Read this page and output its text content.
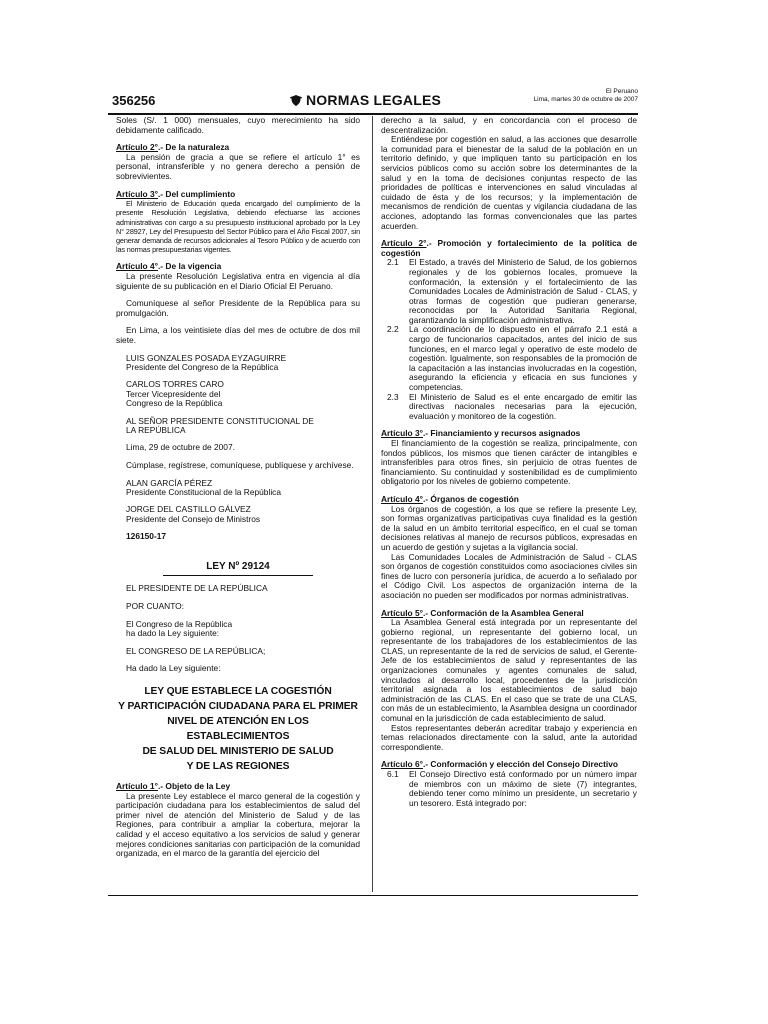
356256	NORMAS LEGALES
El Peruano
Lima, martes 30 de octubre de 2007

Soles (S/. 1 000) mensuales, cuyo merecimiento ha sido debidamente calificado.

Artículo 2°.- De la naturaleza

La pensión de gracia a que se refiere el artículo 1° es personal, intransferible y no genera derecho a pensión de sobrevivientes.

Artículo 3°.- Del cumplimiento

El Ministerio de Educación queda encargado del cumplimiento de la presente Resolución Legislativa, debiendo efectuarse las acciones administrativas con cargo a su presupuesto institucional aprobado por la Ley N° 28927, Ley del Presupuesto del Sector Público para el Año Fiscal 2007, sin generar demanda de recursos adicionales al Tesoro Público y de acuerdo con las normas presupuestarias vigentes.

Artículo 4°.- De la vigencia

La presente Resolución Legislativa entra en vigencia al día siguiente de su publicación en el Diario Oficial El Peruano.

Comuníquese al señor Presidente de la República para su promulgación.

En Lima, a los veintisiete días del mes de octubre de dos mil siete.

LUIS GONZALES POSADA EYZAGUIRRE
Presidente del Congreso de la República
CARLOS TORRES CARO
Tercer Vicepresidente del
Congreso de la República
AL SEÑOR PRESIDENTE CONSTITUCIONAL DE
LA REPÚBLICA

Lima, 29 de octubre de 2007.

Cúmplase, regístrese, comuníquese, publíquese y archívese.

ALAN GARCÍA PÉREZ
Presidente Constitucional de la República
JORGE DEL CASTILLO GÁLVEZ
Presidente del Consejo de Ministros

126150-17

LEY Nº 29124

EL PRESIDENTE DE LA REPÚBLICA

POR CUANTO:

El Congreso de la República
ha dado la Ley siguiente:

EL CONGRESO DE LA REPÚBLICA;

Ha dado la Ley siguiente:

LEY QUE ESTABLECE LA COGESTIÓN
Y PARTICIPACIÓN CIUDADANA PARA EL PRIMER
NIVEL DE ATENCIÓN EN LOS ESTABLECIMIENTOS
DE SALUD DEL MINISTERIO DE SALUD
Y DE LAS REGIONES

Artículo 1°.- Objeto de la Ley

La presente Ley establece el marco general de la cogestión y participación ciudadana para los establecimientos de salud del primer nivel de atención del Ministerio de Salud y de las Regiones, para contribuir a ampliar la cobertura, mejorar la calidad y el acceso equitativo a los servicios de salud y generar mejores condiciones sanitarias con participación de la comunidad organizada, en el marco de la garantía del ejercicio del

derecho a la salud, y en concordancia con el proceso de descentralización.

Entiéndese por cogestión en salud, a las acciones que desarrolle la comunidad para el bienestar de la salud de la población en un territorio definido, y que impliquen tanto su participación en los servicios públicos como su acción sobre los determinantes de la salud y en la toma de decisiones conjuntas respecto de las prioridades de políticas e intervenciones en salud vinculadas al cuidado de ésta y de los recursos; y la implementación de mecanismos de rendición de cuentas y vigilancia ciudadana de las acciones, adoptando las formas convencionales que las partes acuerden.

Artículo 2°.- Promoción y fortalecimiento de la política de cogestión

2.1	El Estado, a través del Ministerio de Salud, de los gobiernos regionales y de los gobiernos locales, promueve la conformación, la extensión y el fortalecimiento de las Comunidades Locales de Administración de Salud - CLAS, y otras formas de cogestión que pudieran generarse, reconocidas por la Autoridad Sanitaria Regional, garantizando la simplificación administrativa.
2.2	La coordinación de lo dispuesto en el párrafo 2.1 está a cargo de funcionarios capacitados, antes del inicio de sus funciones, en el marco legal y operativo de este modelo de cogestión. Igualmente, son responsables de la promoción de la capacitación a las instancias involucradas en la cogestión, asegurando la eficiencia y eficacia en sus funciones y competencias.
2.3	El Ministerio de Salud es el ente encargado de emitir las directivas nacionales necesarias para la ejecución, evaluación y monitoreo de la cogestión.

Artículo 3°.- Financiamiento y recursos asignados

El financiamiento de la cogestión se realiza, principalmente, con fondos públicos, los mismos que tienen carácter de intangibles e intransferibles para otros fines, sin perjuicio de otras fuentes de financiamiento. Su continuidad y sostenibilidad es de cumplimiento obligatorio por los niveles de gobierno competente.

Artículo 4°.- Órganos de cogestión

Los órganos de cogestión, a los que se refiere la presente Ley, son formas organizativas participativas cuya finalidad es la gestión de la salud en un ámbito territorial específico, en el cual se toman decisiones relativas al manejo de recursos públicos, expresadas en un acuerdo de gestión y sujetas a la vigilancia social.

Las Comunidades Locales de Administración de Salud - CLAS son órganos de cogestión constituidos como asociaciones civiles sin fines de lucro con personería jurídica, de acuerdo a lo señalado por el Código Civil. Los aspectos de organización interna de la asociación no pueden ser modificados por normas administrativas.

Artículo 5°.- Conformación de la Asamblea General

La Asamblea General está integrada por un representante del gobierno regional, un representante del gobierno local, un representante de los trabajadores de los establecimientos de las CLAS, un representante de la red de servicios de salud, el Gerente-Jefe de los establecimientos de salud y representantes de las organizaciones comunales y agentes comunales de salud, vinculados al desarrollo local, procedentes de la jurisdicción territorial asignada a los establecimientos de salud bajo administración de las CLAS. En el caso que se trate de una CLAS, con más de un establecimiento, la Asamblea designa un coordinador comunal en la jurisdicción de cada establecimiento de salud.

Estos representantes deberán acreditar trabajo y experiencia en temas relacionados directamente con la salud, ante la autoridad correspondiente.

Artículo 6°.- Conformación y elección del Consejo Directivo

6.1	El Consejo Directivo está conformado por un número impar de miembros con un máximo de siete (7) integrantes, debiendo tener como mínimo un presidente, un secretario y un tesorero. Está integrado por:
